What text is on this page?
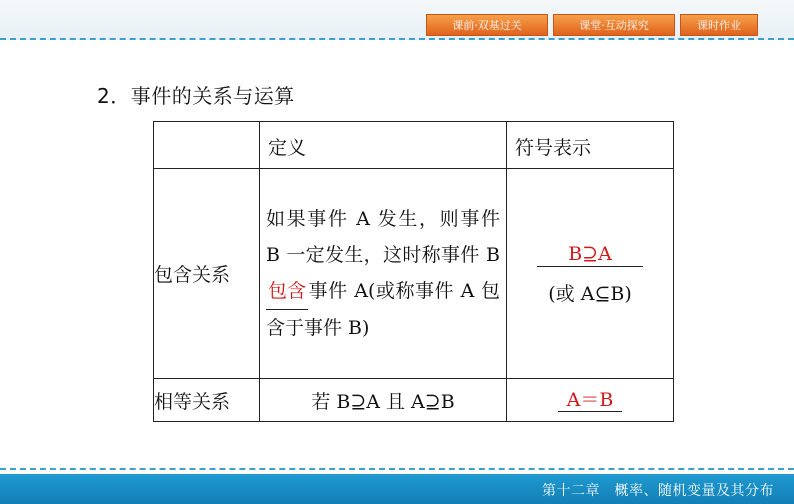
课前·双基过关	课堂·互动探究	课时作业
2．事件的关系与运算
	定义	符号表示
包含关系	如果事件 A 发生，则事件 B 一定发生，这时称事件 B包含 事件 A(或称事件 A 包含于事件 B)	B⊇A
(或 A⊆B)

相等关系	若 B⊇A 且 A⊇B	A＝B
第十二章　概率、随机变量及其分布
